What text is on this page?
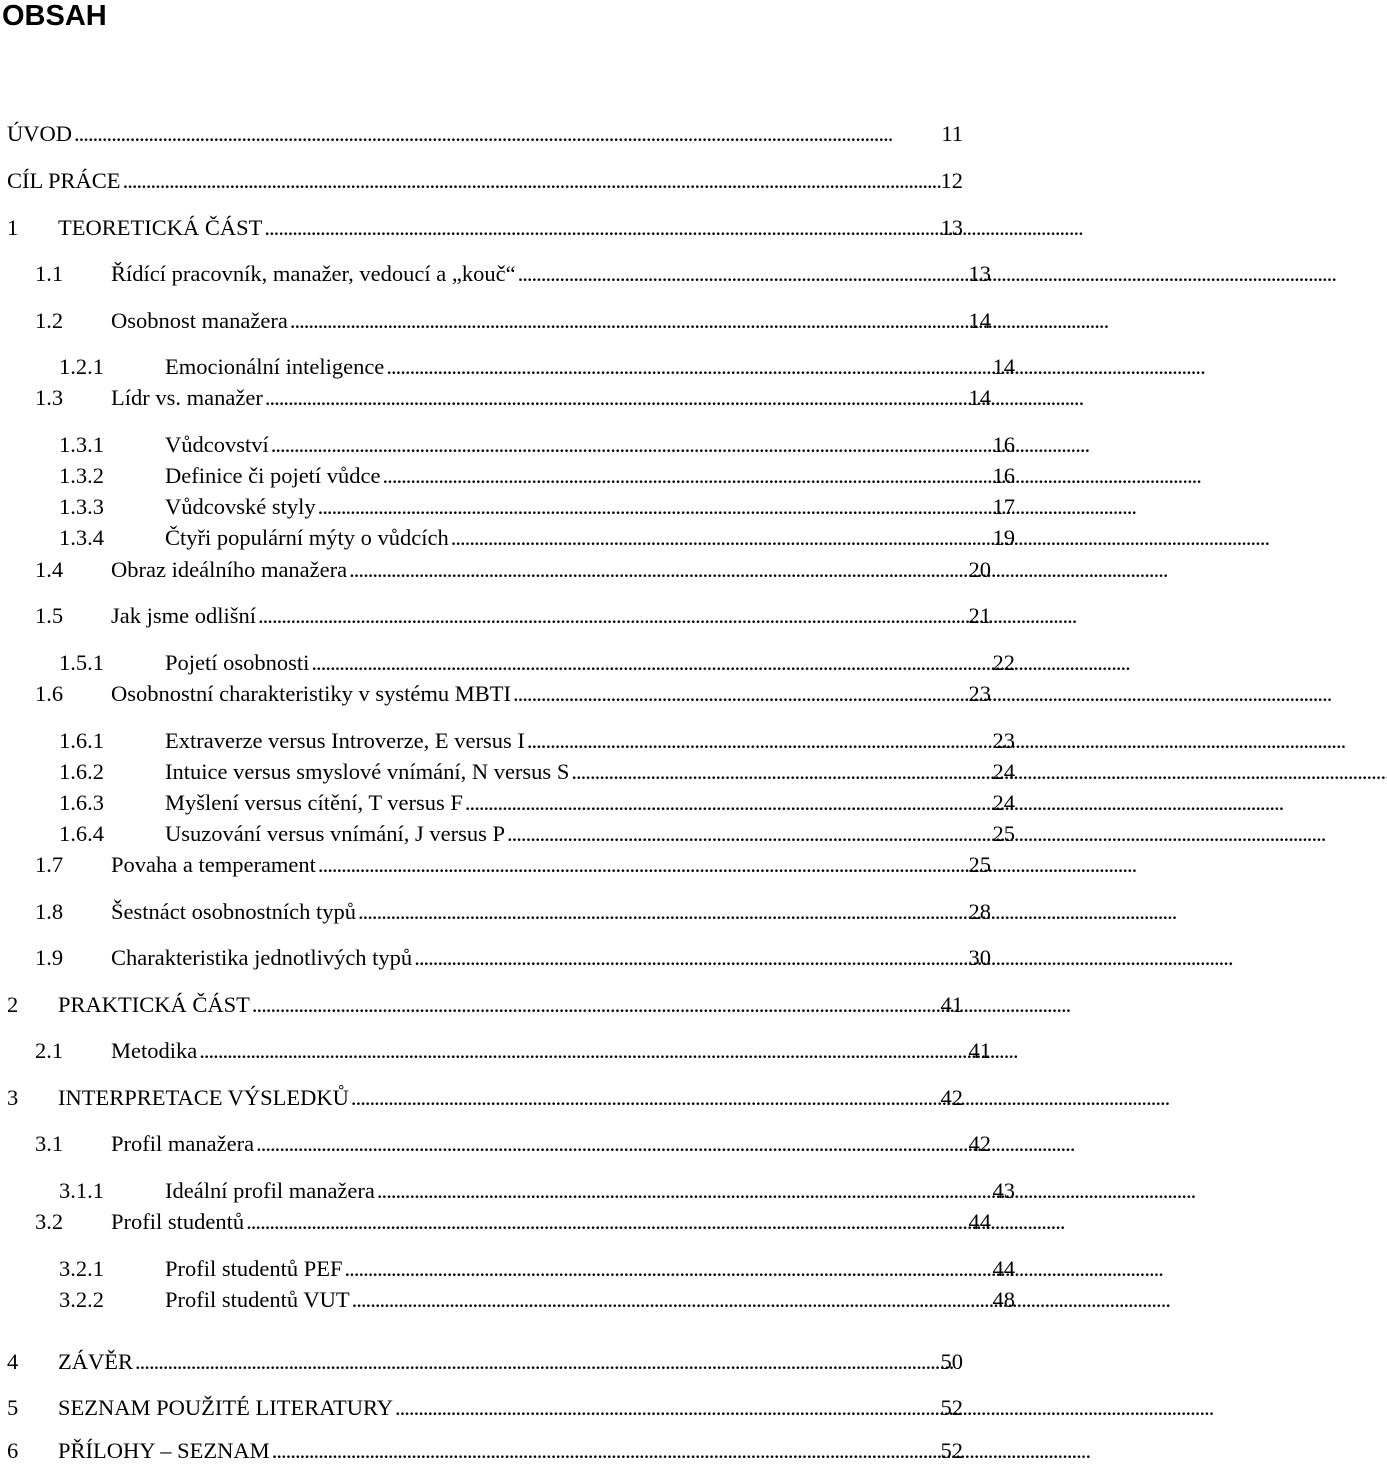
OBSAH
ÚVOD . . .	11
CÍL PRÁCE . . .	12
1	TEORETICKÁ ČÁST . . .	13
1.1	Řídící pracovník, manažer, vedoucí a „kouč“ . . .	13
1.2	Osobnost manažera . . .	14
1.2.1	Emocionální inteligence . . .	14
1.3	Lídr vs. manažer . . .	14
1.3.1	Vůdcovství . . .	16
1.3.2	Definice či pojetí vůdce . . .	16
1.3.3	Vůdcovské styly . . .	17
1.3.4	Čtyři populární mýty o vůdcích . . .	19
1.4	Obraz ideálního manažera . . .	20
1.5	Jak jsme odlišní . . .	21
1.5.1	Pojetí osobnosti . . .	22
1.6	Osobnostní charakteristiky v systému MBTI . . .	23
1.6.1	Extraverze versus Introverze, E versus I . . .	23
1.6.2	Intuice versus smyslové vnímání, N versus S . . .	24
1.6.3	Myšlení versus cítění, T versus F . . .	24
1.6.4	Usuzování versus vnímání, J versus P . . .	25
1.7	Povaha a temperament . . .	25
1.8	Šestnáct osobnostních typů . . .	28
1.9	Charakteristika jednotlivých typů . . .	30
2	PRAKTICKÁ ČÁST . . .	41
2.1	Metodika . . .	41
3	INTERPRETACE VÝSLEDKŮ . . .	42
3.1	Profil manažera . . .	42
3.1.1	Ideální profil manažera . . .	43
3.2	Profil studentů . . .	44
3.2.1	Profil studentů PEF . . .	44
3.2.2	Profil studentů VUT . . .	48
4	ZÁVĚR . . .	50
5	SEZNAM POUŽITÉ LITERATURY . . .	52
6	PŘÍLOHY – SEZNAM . . .	52
